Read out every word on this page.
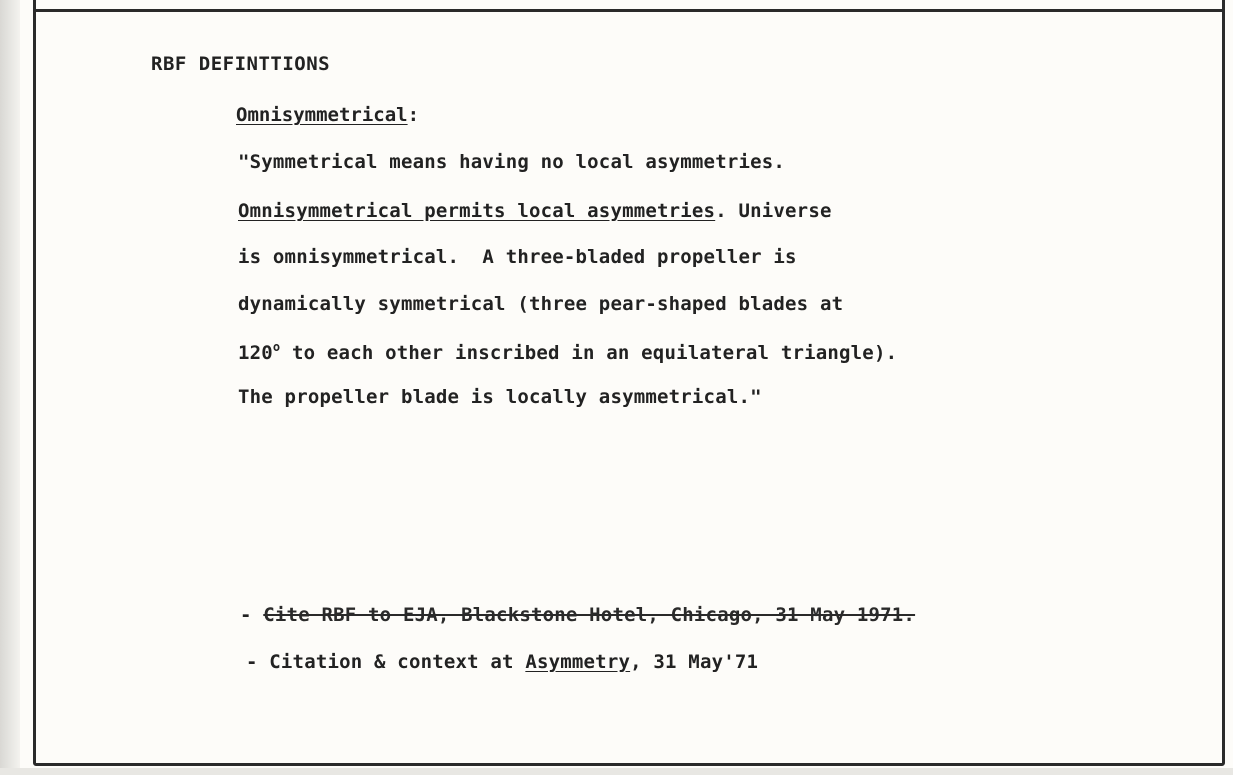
RBF DEFINTTIONS
Omnisymmetrical:
"Symmetrical means having no local asymmetries.
Omnisymmetrical permits local asymmetries. Universe
is omnisymmetrical.  A three-bladed propeller is
dynamically symmetrical (three pear-shaped blades at
120$^o$ to each other inscribed in an equilateral triangle).
The propeller blade is locally asymmetrical."
- Cite RBF to EJA, Blackstone Hotel, Chicago, 31 May 1971.
- Citation & context at Asymmetry, 31 May'71
